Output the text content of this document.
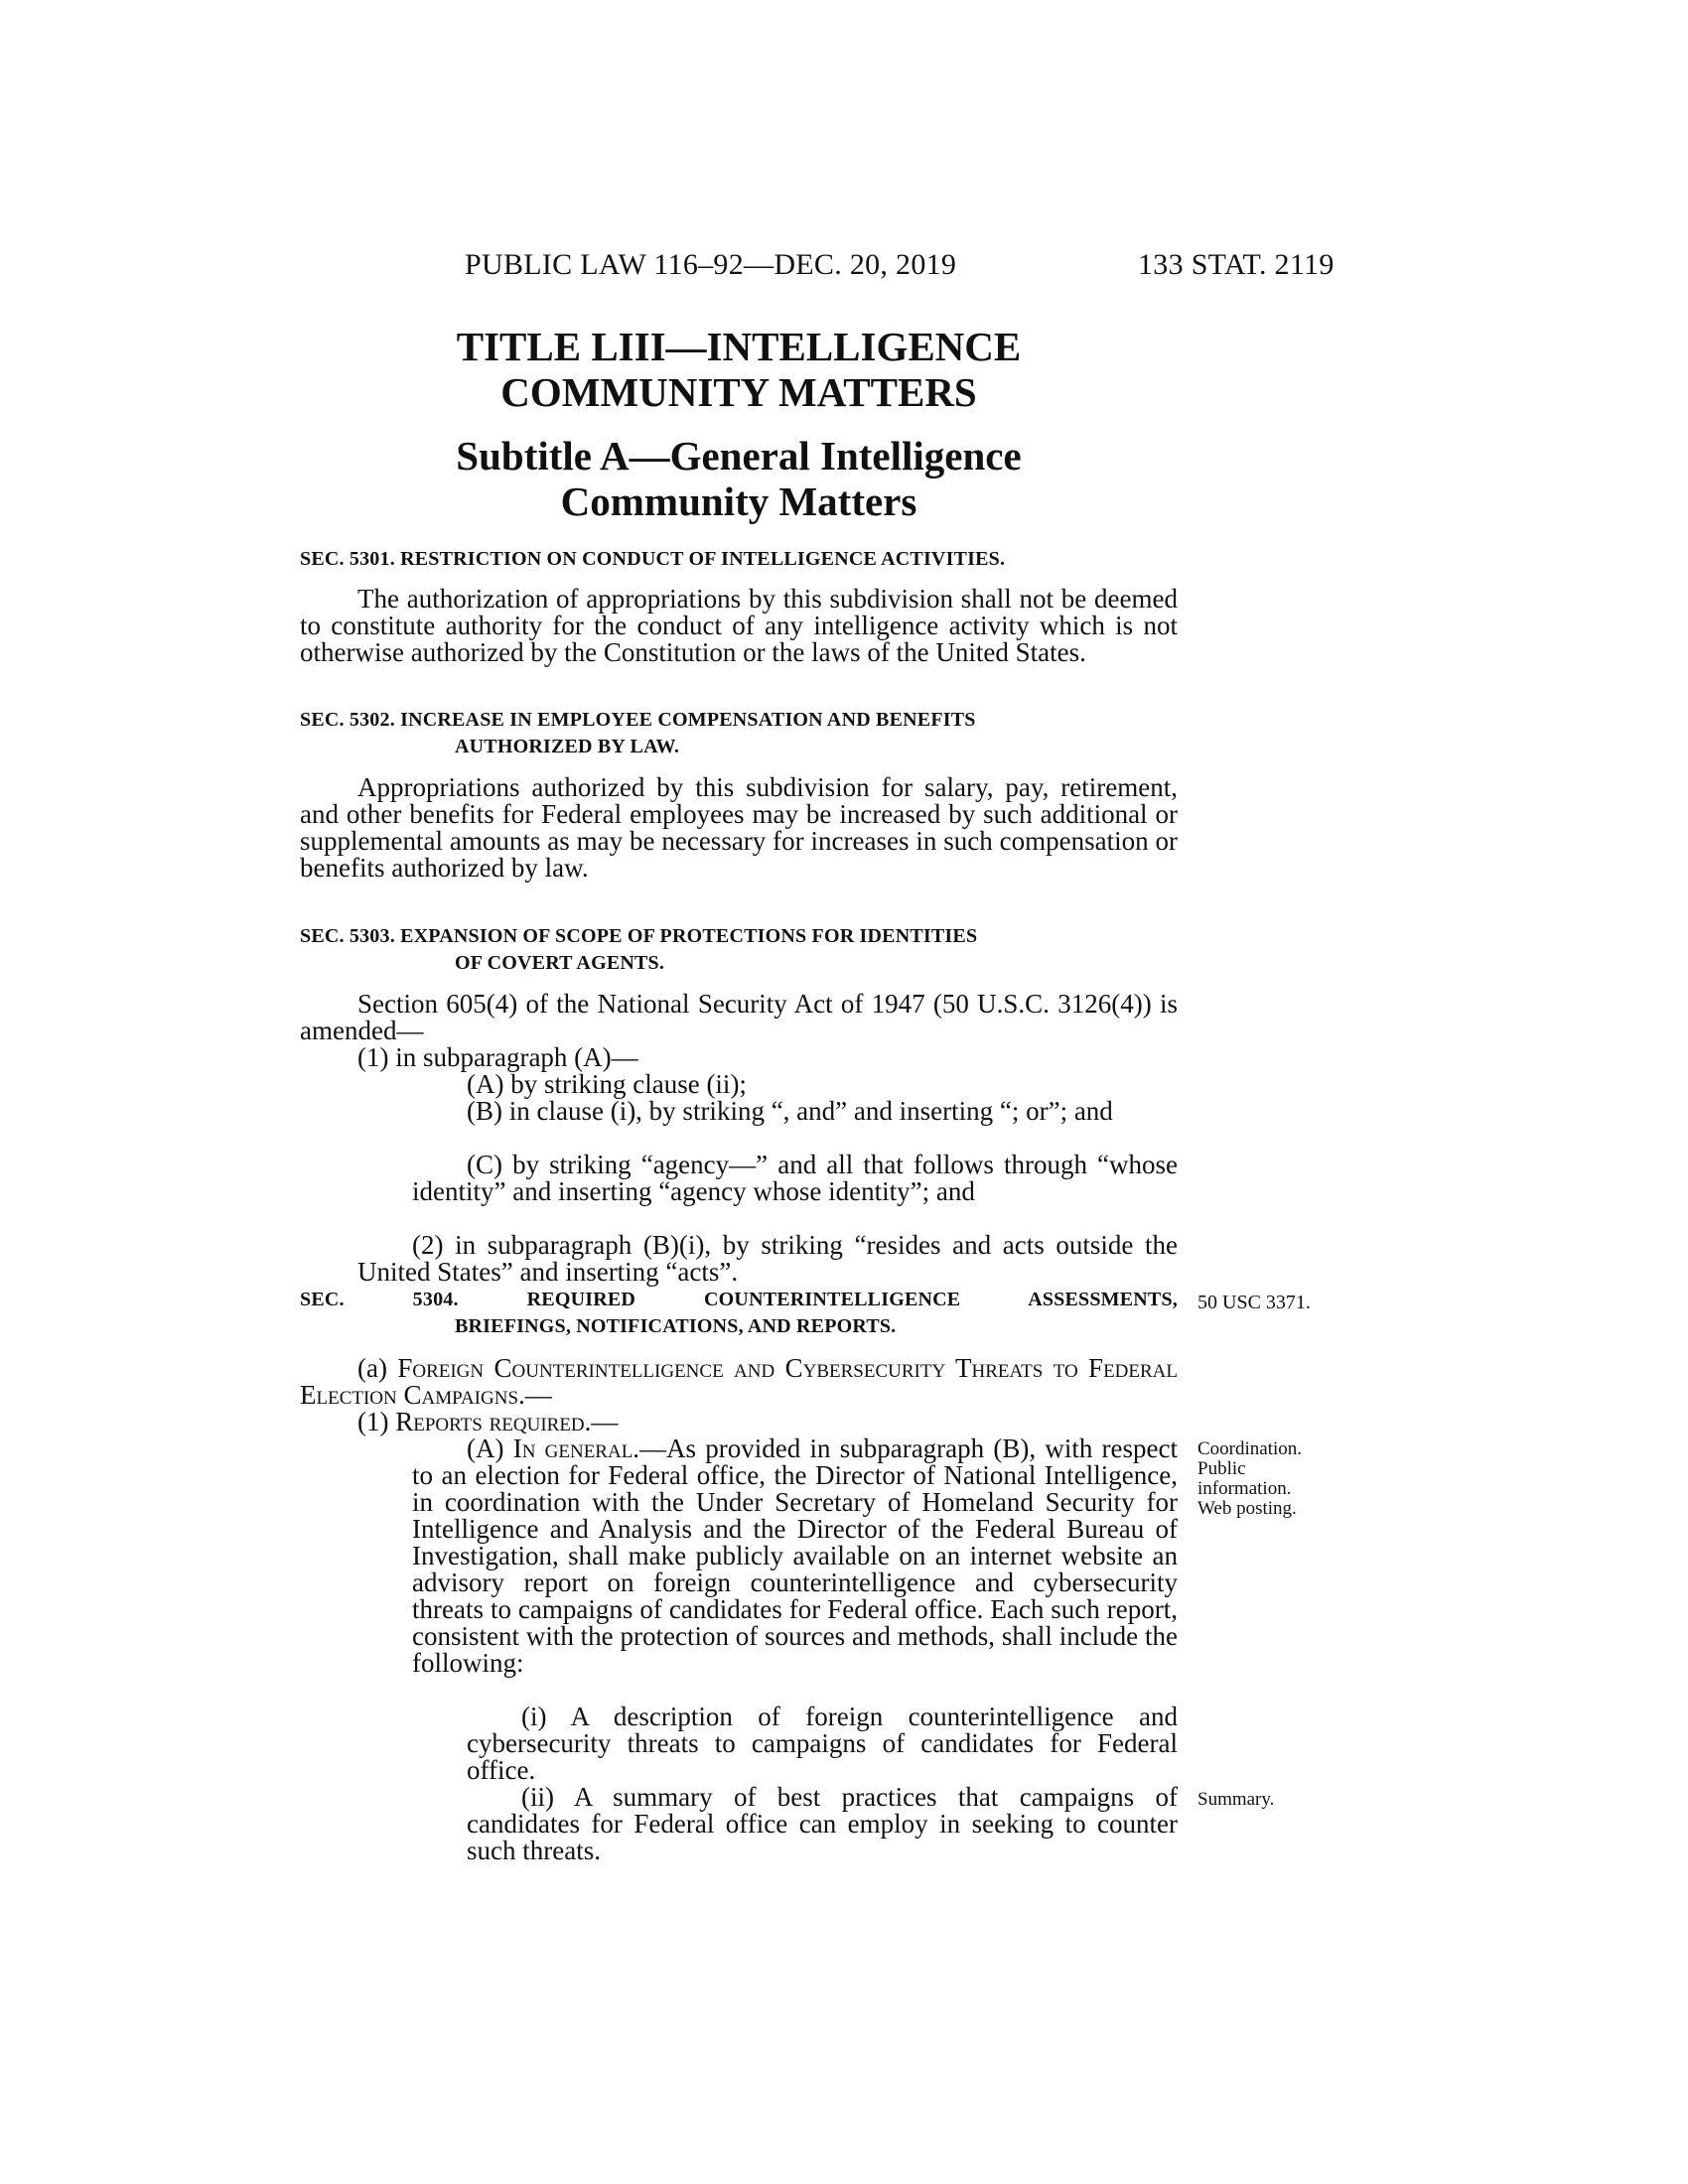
PUBLIC LAW 116–92—DEC. 20, 2019	133 STAT. 2119
TITLE LIII—INTELLIGENCE
COMMUNITY MATTERS
Subtitle A—General Intelligence
Community Matters
SEC. 5301. RESTRICTION ON CONDUCT OF INTELLIGENCE ACTIVITIES.
The authorization of appropriations by this subdivision shall not be deemed to constitute authority for the conduct of any intelligence activity which is not otherwise authorized by the Constitution or the laws of the United States.
SEC. 5302. INCREASE IN EMPLOYEE COMPENSATION AND BENEFITS
AUTHORIZED BY LAW.
Appropriations authorized by this subdivision for salary, pay, retirement, and other benefits for Federal employees may be increased by such additional or supplemental amounts as may be necessary for increases in such compensation or benefits authorized by law.
SEC. 5303. EXPANSION OF SCOPE OF PROTECTIONS FOR IDENTITIES
OF COVERT AGENTS.
Section 605(4) of the National Security Act of 1947 (50 U.S.C. 3126(4)) is amended—
(1) in subparagraph (A)—
(A) by striking clause (ii);
(B) in clause (i), by striking “, and” and inserting “; or”; and
(C) by striking “agency—” and all that follows through “whose identity” and inserting “agency whose identity”; and
(2) in subparagraph (B)(i), by striking “resides and acts outside the United States” and inserting “acts”.
SEC. 5304. REQUIRED COUNTERINTELLIGENCE ASSESSMENTS,
BRIEFINGS, NOTIFICATIONS, AND REPORTS.
50 USC 3371.
(a) Foreign Counterintelligence and Cybersecurity Threats to Federal Election Campaigns.—
(1) Reports required.—
(A) In general.—As provided in subparagraph (B), with respect to an election for Federal office, the Director of National Intelligence, in coordination with the Under Secretary of Homeland Security for Intelligence and Analysis and the Director of the Federal Bureau of Investigation, shall make publicly available on an internet website an advisory report on foreign counterintelligence and cybersecurity threats to campaigns of candidates for Federal office. Each such report, consistent with the protection of sources and methods, shall include the following:
Coordination.
Public information.
Web posting.
(i) A description of foreign counterintelligence and cybersecurity threats to campaigns of candidates for Federal office.
(ii) A summary of best practices that campaigns of candidates for Federal office can employ in seeking to counter such threats.
Summary.
